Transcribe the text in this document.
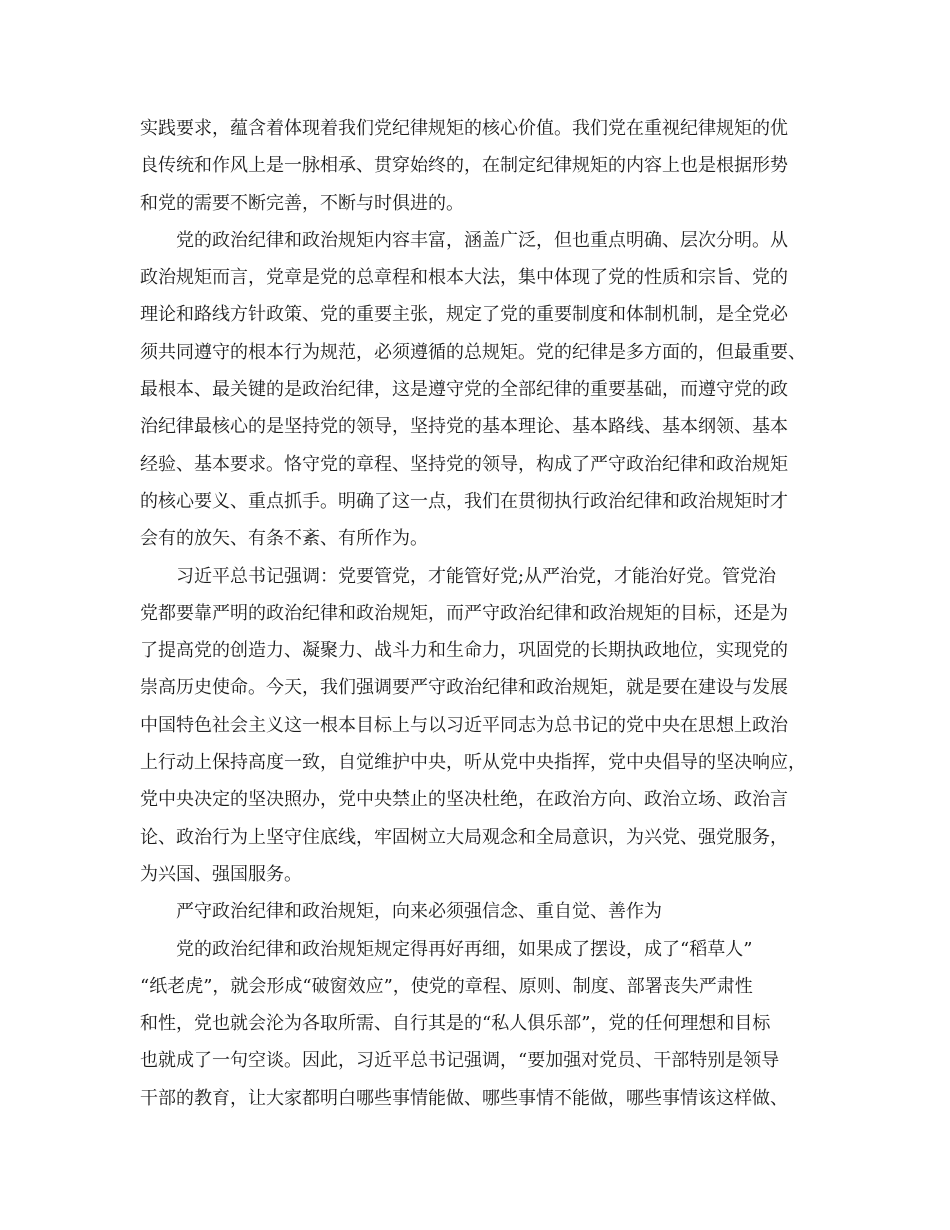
实践要求，蕴含着体现着我们党纪律规矩的核心价值。我们党在重视纪律规矩的优
良传统和作风上是一脉相承、贯穿始终的，在制定纪律规矩的内容上也是根据形势
和党的需要不断完善，不断与时俱进的。
党的政治纪律和政治规矩内容丰富，涵盖广泛，但也重点明确、层次分明。从
政治规矩而言，党章是党的总章程和根本大法，集中体现了党的性质和宗旨、党的
理论和路线方针政策、党的重要主张，规定了党的重要制度和体制机制，是全党必
须共同遵守的根本行为规范，必须遵循的总规矩。党的纪律是多方面的，但最重要、
最根本、最关键的是政治纪律，这是遵守党的全部纪律的重要基础，而遵守党的政
治纪律最核心的是坚持党的领导，坚持党的基本理论、基本路线、基本纲领、基本
经验、基本要求。恪守党的章程、坚持党的领导，构成了严守政治纪律和政治规矩
的核心要义、重点抓手。明确了这一点，我们在贯彻执行政治纪律和政治规矩时才
会有的放矢、有条不紊、有所作为。
习近平总书记强调：党要管党，才能管好党;从严治党，才能治好党。管党治
党都要靠严明的政治纪律和政治规矩，而严守政治纪律和政治规矩的目标，还是为
了提高党的创造力、凝聚力、战斗力和生命力，巩固党的长期执政地位，实现党的
崇高历史使命。今天，我们强调要严守政治纪律和政治规矩，就是要在建设与发展
中国特色社会主义这一根本目标上与以习近平同志为总书记的党中央在思想上政治
上行动上保持高度一致，自觉维护中央，听从党中央指挥，党中央倡导的坚决响应，
党中央决定的坚决照办，党中央禁止的坚决杜绝，在政治方向、政治立场、政治言
论、政治行为上坚守住底线，牢固树立大局观念和全局意识，为兴党、强党服务，
为兴国、强国服务。
严守政治纪律和政治规矩，向来必须强信念、重自觉、善作为
党的政治纪律和政治规矩规定得再好再细，如果成了摆设，成了“稻草人”
“纸老虎”，就会形成“破窗效应”，使党的章程、原则、制度、部署丧失严肃性
和性，党也就会沦为各取所需、自行其是的“私人俱乐部”，党的任何理想和目标
也就成了一句空谈。因此，习近平总书记强调，“要加强对党员、干部特别是领导
干部的教育，让大家都明白哪些事情能做、哪些事情不能做，哪些事情该这样做、
